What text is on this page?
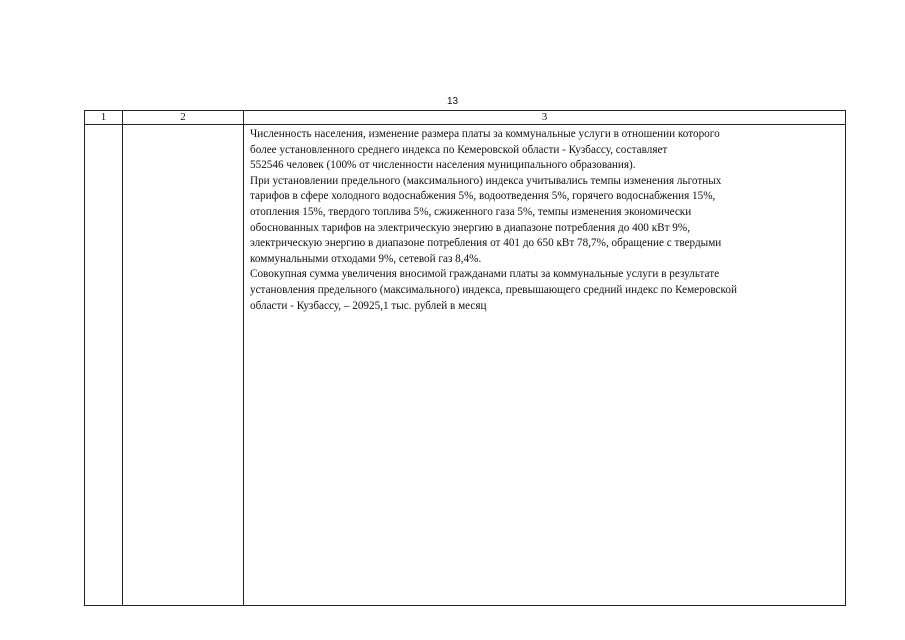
13
1	2	3
Численность населения, изменение размера платы за коммунальные услуги в отношении которого
более установленного среднего индекса по Кемеровской области - Кузбассу, составляет
552546 человек (100% от численности населения муниципального образования).
При установлении предельного (максимального) индекса учитывались темпы изменения льготных
тарифов в сфере холодного водоснабжения 5%, водоотведения 5%, горячего водоснабжения 15%,
отопления 15%, твердого топлива 5%, сжиженного газа 5%, темпы изменения экономически
обоснованных тарифов на электрическую энергию в диапазоне потребления до 400 кВт 9%,
электрическую энергию в диапазоне потребления от 401 до 650 кВт 78,7%, обращение с твердыми
коммунальными отходами 9%, сетевой газ 8,4%.
Совокупная сумма увеличения вносимой гражданами платы за коммунальные услуги в результате
установления предельного (максимального) индекса, превышающего средний индекс по Кемеровской
области - Кузбассу, – 20925,1 тыс. рублей в месяц
